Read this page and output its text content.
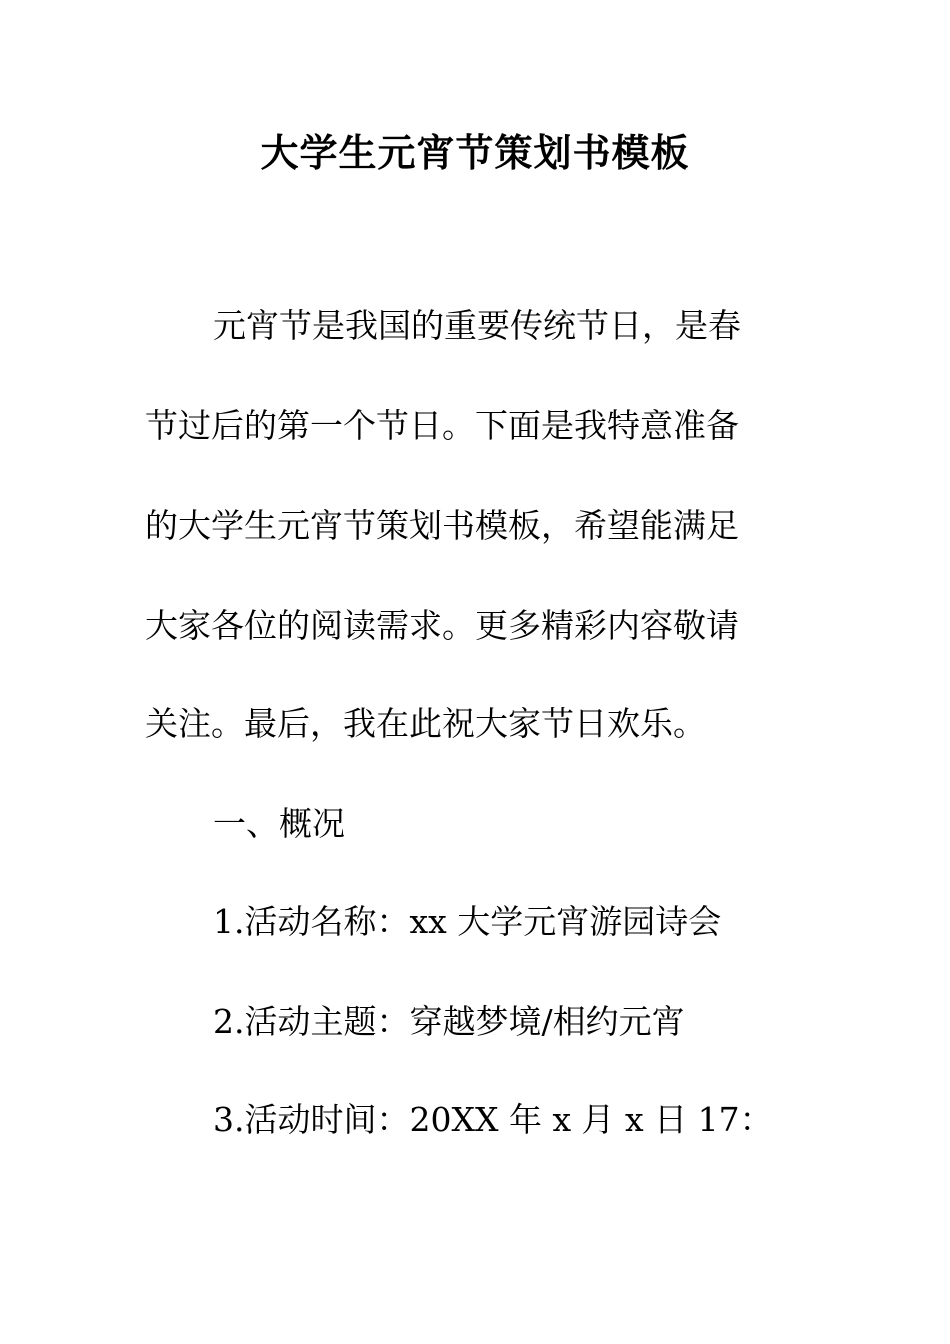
大学生元宵节策划书模板

元宵节是我国的重要传统节日，是春

节过后的第一个节日。下面是我特意准备

的大学生元宵节策划书模板，希望能满足

大家各位的阅读需求。更多精彩内容敬请

关注。最后，我在此祝大家节日欢乐。

一、概况

1.活动名称：xx 大学元宵游园诗会

2.活动主题：穿越梦境/相约元宵

3.活动时间：20XX 年 x 月 x 日 17：
